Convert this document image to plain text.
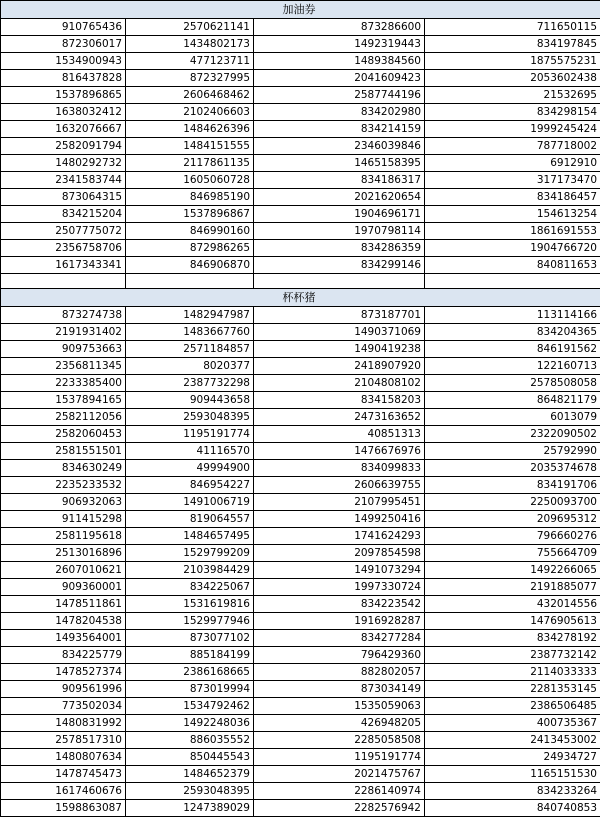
加油券			
910765436	2570621141	873286600	711650115
872306017	1434802173	1492319443	834197845
1534900943	477123711	1489384560	1875575231
816437828	872327995	2041609423	2053602438
1537896865	2606468462	2587744196	21532695
1638032412	2102406603	834202980	834298154
1632076667	1484626396	834214159	1999245424
2582091794	1484151555	2346039846	787718002
1480292732	2117861135	1465158395	6912910
2341583744	1605060728	834186317	317173470
873064315	846985190	2021620654	834186457
834215204	1537896867	1904696171	154613254
2507775072	846990160	1970798114	1861691553
2356758706	872986265	834286359	1904766720
1617343341	846906870	834299146	840811653

杯杯猪			
873274738	1482947987	873187701	113114166
2191931402	1483667760	1490371069	834204365
909753663	2571184857	1490419238	846191562
2356811345	8020377	2418907920	122160713
2233385400	2387732298	2104808102	2578508058
1537894165	909443658	834158203	864821179
2582112056	2593048395	2473163652	6013079
2582060453	1195191774	40851313	2322090502
2581551501	41116570	1476676976	25792990
834630249	49994900	834099833	2035374678
2235233532	846954227	2606639755	834191706
906932063	1491006719	2107995451	2250093700
911415298	819064557	1499250416	209695312
2581195618	1484657495	1741624293	796660276
2513016896	1529799209	2097854598	755664709
2607010621	2103984429	1491073294	1492266065
909360001	834225067	1997330724	2191885077
1478511861	1531619816	834223542	432014556
1478204538	1529977946	1916928287	1476905613
1493564001	873077102	834277284	834278192
834225779	885184199	796429360	2387732142
1478527374	2386168665	882802057	2114033333
909561996	873019994	873034149	2281353145
773502034	1534792462	1535059063	2386506485
1480831992	1492248036	426948205	400735367
2578517310	886035552	2285058508	2413453002
1480807634	850445543	1195191774	24934727
1478745473	1484652379	2021475767	1165151530
1617460676	2593048395	2286140974	834233264
1598863087	1247389029	2282576942	840740853
